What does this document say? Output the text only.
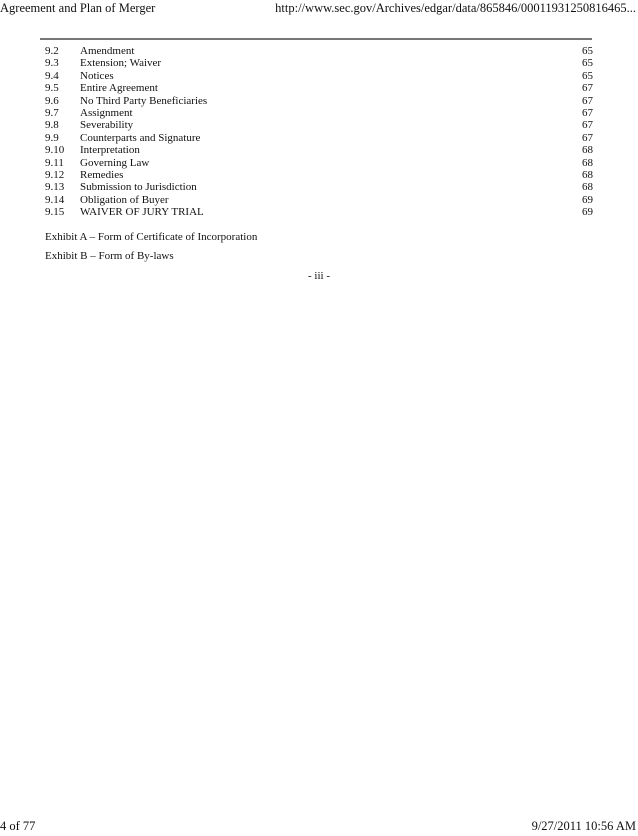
Agreement and Plan of Merger	http://www.sec.gov/Archives/edgar/data/865846/00011931250816465...
9.2 Amendment	65
9.3 Extension; Waiver	65
9.4 Notices	65
9.5 Entire Agreement	67
9.6 No Third Party Beneficiaries	67
9.7 Assignment	67
9.8 Severability	67
9.9 Counterparts and Signature	67
9.10 Interpretation	68
9.11 Governing Law	68
9.12 Remedies	68
9.13 Submission to Jurisdiction	68
9.14 Obligation of Buyer	69
9.15 WAIVER OF JURY TRIAL	69
Exhibit A – Form of Certificate of Incorporation
Exhibit B – Form of By-laws
- iii -
4 of 77	9/27/2011 10:56 AM
